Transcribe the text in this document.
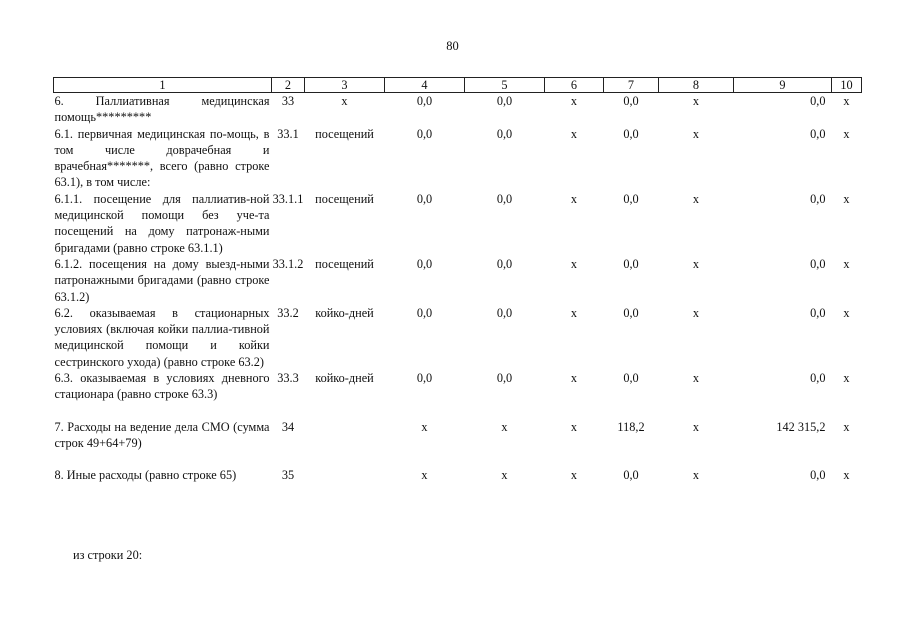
80
1	2	3	4	5	6	7	8	9	10
6. Паллиативная медицинская помощь*********	33	х	0,0	0,0	х	0,0	х	0,0	х
6.1. первичная медицинская по-мощь, в том числе доврачебная и врачебная*******, всего (равно строке 63.1), в том числе:	33.1	посещений	0,0	0,0	х	0,0	х	0,0	х
6.1.1. посещение для паллиатив-ной медицинской помощи без уче-та посещений на дому патронаж-ными бригадами (равно строке 63.1.1)	33.1.1	посещений	0,0	0,0	х	0,0	х	0,0	х
6.1.2. посещения на дому выезд-ными патронажными бригадами (равно строке 63.1.2)	33.1.2	посещений	0,0	0,0	х	0,0	х	0,0	х
6.2. оказываемая в стационарных условиях (включая койки паллиа-тивной медицинской помощи и койки сестринского ухода) (равно строке 63.2)	33.2	койко-дней	0,0	0,0	х	0,0	х	0,0	х
6.3. оказываемая в условиях дневного стационара (равно строке 63.3)	33.3	койко-дней	0,0	0,0	х	0,0	х	0,0	х
7. Расходы на ведение дела СМО (сумма строк 49+64+79)	34		х	х	х	118,2	х	142 315,2	х
8. Иные расходы (равно строке 65)	35		х	х	х	0,0	х	0,0	х
из строки 20:
